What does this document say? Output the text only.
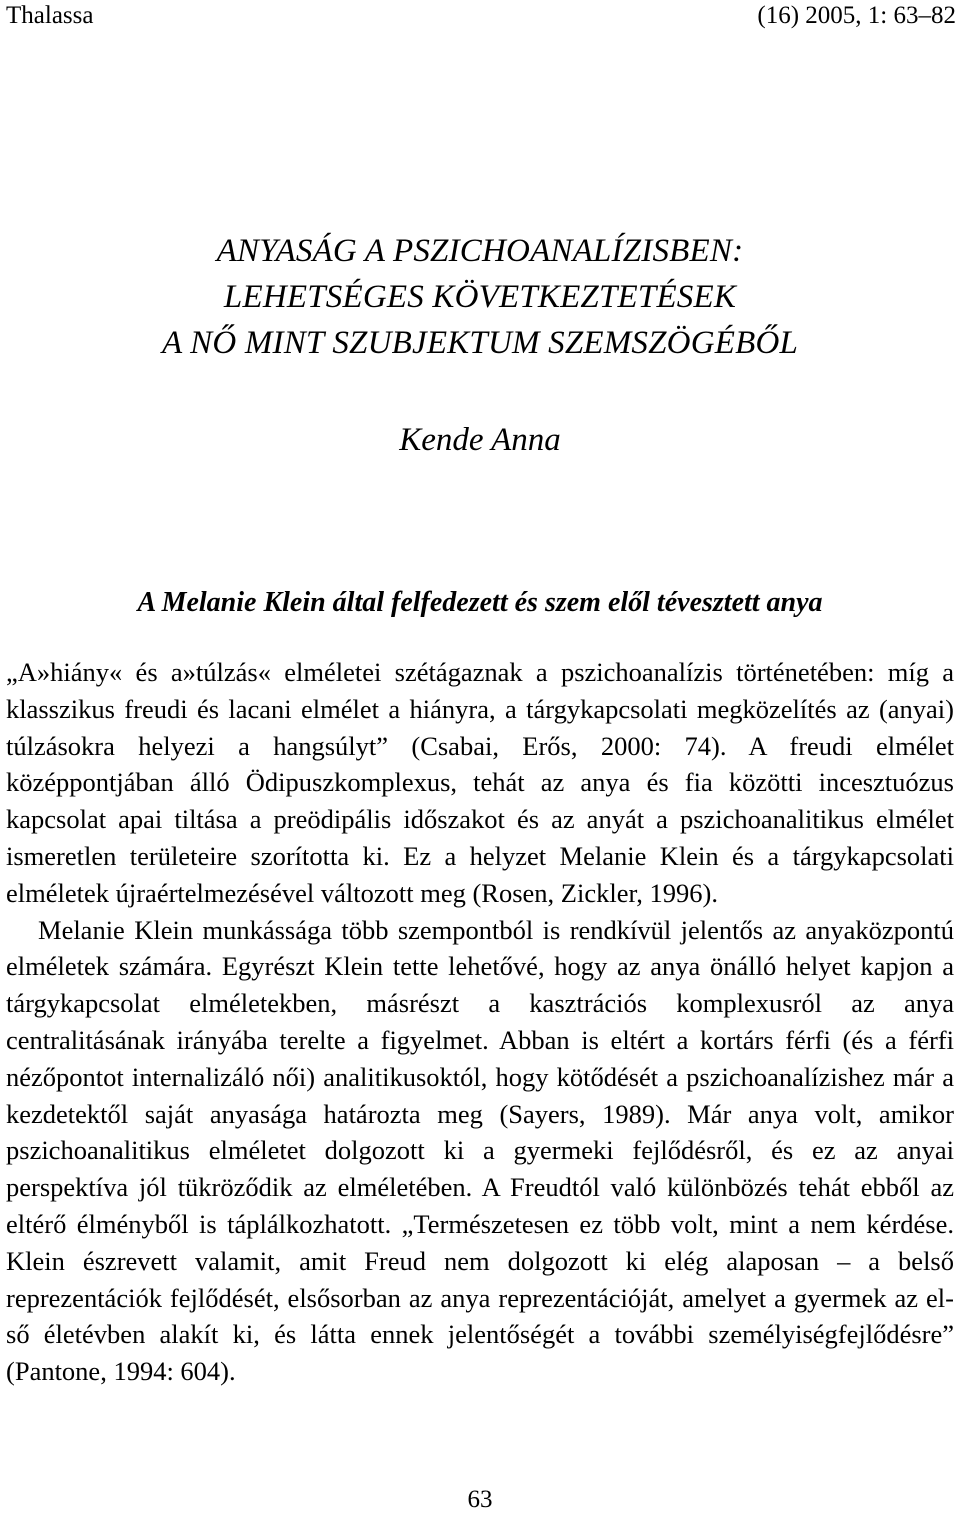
Thalassa	(16) 2005, 1: 63–82
ANYASÁG A PSZICHOANALÍZISBEN:
LEHETSÉGES KÖVETKEZTETÉSEK
A NŐ MINT SZUBJEKTUM SZEMSZÖGÉBŐL
Kende Anna
A Melanie Klein által felfedezett és szem elől tévesztett anya

„A»hiány« és a»túlzás« elméletei szétágaznak a pszichoanalízis történetében: míg a klasszikus freudi és lacani elmélet a hiányra, a tárgykapcsolati megközelítés az (anyai) túlzásokra helyezi a hangsúlyt” (Csabai, Erős, 2000: 74). A freudi elmélet középpontjában álló Ödipuszkomplexus, tehát az anya és fia közötti incesztuózus kapcsolat apai tiltása a preödipális időszakot és az anyát a pszichoanalitikus elmélet ismeretlen területeire szorította ki. Ez a helyzet Melanie Klein és a tárgykapcsolati elméletek újraértelmezésével változott meg (Rosen, Zickler, 1996).

Melanie Klein munkássága több szempontból is rendkívül jelentős az anyaközpontú elméletek számára. Egyrészt Klein tette lehetővé, hogy az anya önálló helyet kapjon a tárgykapcsolat elméletekben, másrészt a kasztrációs komplexusról az anya centralitásának irányába terelte a figyelmet. Abban is eltért a kortárs férfi (és a férfi nézőpontot internalizáló női) analitikusoktól, hogy kötődését a pszichoanalízishez már a kezdetektől saját anyasága határozta meg (Sayers, 1989). Már anya volt, amikor pszichoanalitikus elméletet dolgozott ki a gyermeki fejlődésről, és ez az anyai perspektíva jól tükröződik az elméletében. A Freudtól való különbözés tehát ebből az eltérő élményből is táplálkozhatott. „Természetesen ez több volt, mint a nem kérdése. Klein észrevett valamit, amit Freud nem dolgozott ki elég alaposan – a belső reprezentációk fejlődését, elsősorban az anya reprezentációját, amelyet a gyermek az első életévben alakít ki, és látta ennek jelentőségét a további személyiségfejlődésre” (Pantone, 1994: 604).

63
